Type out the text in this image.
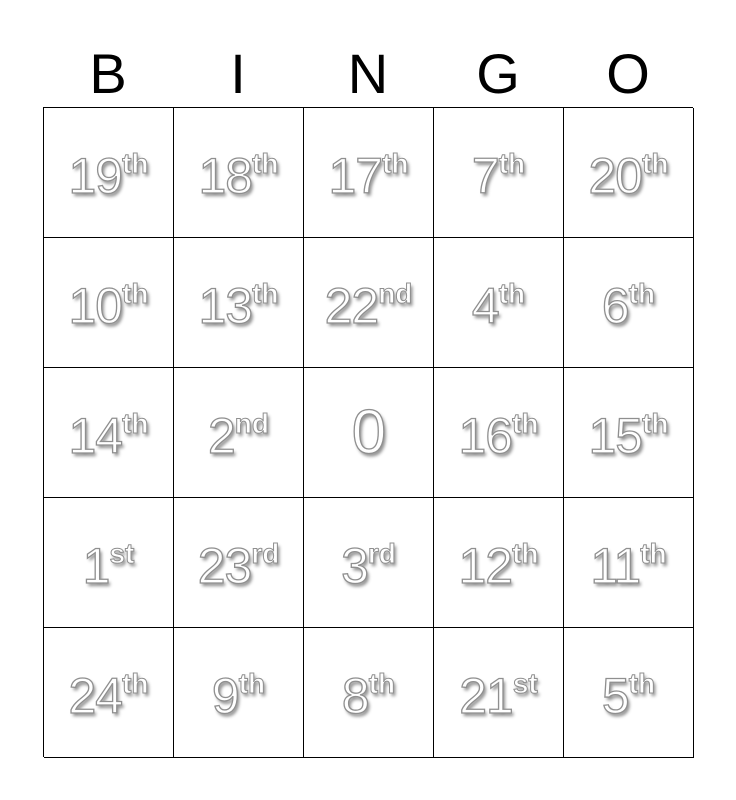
B	I	N	G	O
19th 18th 17th 7th 20th
10th 13th 22nd 4th 6th
14th 2nd 0 16th 15th
1st 23rd 3rd 12th 11th
24th 9th 8th 21st 5th
